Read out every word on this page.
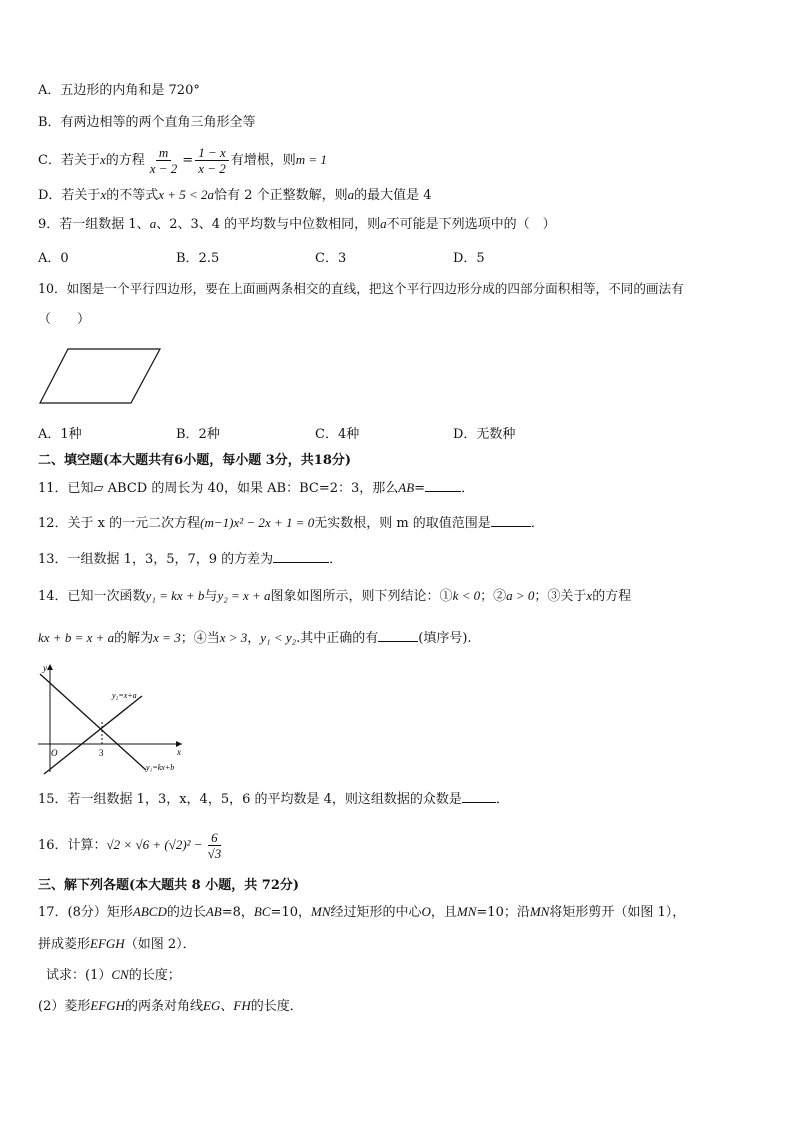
A．五边形的内角和是 720°
B．有两边相等的两个直角三角形全等
C．若关于x的方程 $\frac{m}{x - 2} = \frac{1 - x}{x - 2}$ 有增根，则m = 1
D．若关于x的不等式x + 5 < 2a恰有 2 个正整数解，则a的最大值是 4
9．若一组数据 1、a、2、3、4 的平均数与中位数相同，则a不可能是下列选项中的（　）
A．0	B．2.5	C．3	D．5
10．如图是一个平行四边形，要在上面画两条相交的直线，把这个平行四边形分成的四部分面积相等，不同的画法有
（　　）
A．1种	B．2种	C．4种	D．无数种
二、填空题(本大题共有6小题，每小题 3分，共18分)
11．已知▱ ABCD 的周长为 40，如果 AB：BC=2：3，那么AB=	．
12．关于 x 的一元二次方程(m−1)x² − 2x + 1 = 0无实数根，则 m 的取值范围是	．
13．一组数据 1，3，5，7，9 的方差为	．
14．已知一次函数y₁ = kx + b与y₂ = x + a图象如图所示，则下列结论：①k < 0；②a > 0；③关于x的方程
kx + b = x + a的解为x = 3；④当x > 3，y₁ < y₂.其中正确的有	(填序号).
y
x
O	3
y₂=x+a
y₁=kx+b
15．若一组数据 1，3，x，4，5，6 的平均数是 4，则这组数据的众数是	．
16．计算：$√2 \times √6 + (√2)^2 - \frac{6}{√3}$
三、解下列各题(本大题共 8 小题，共 72分)
17．(8分）矩形ABCD的边长AB=8，BC=10，MN经过矩形的中心O，且MN=10；沿MN将矩形剪开（如图 1），
拼成菱形EFGH（如图 2）．
试求：(1）CN的长度；
(2）菱形EFGH的两条对角线EG、FH的长度．
